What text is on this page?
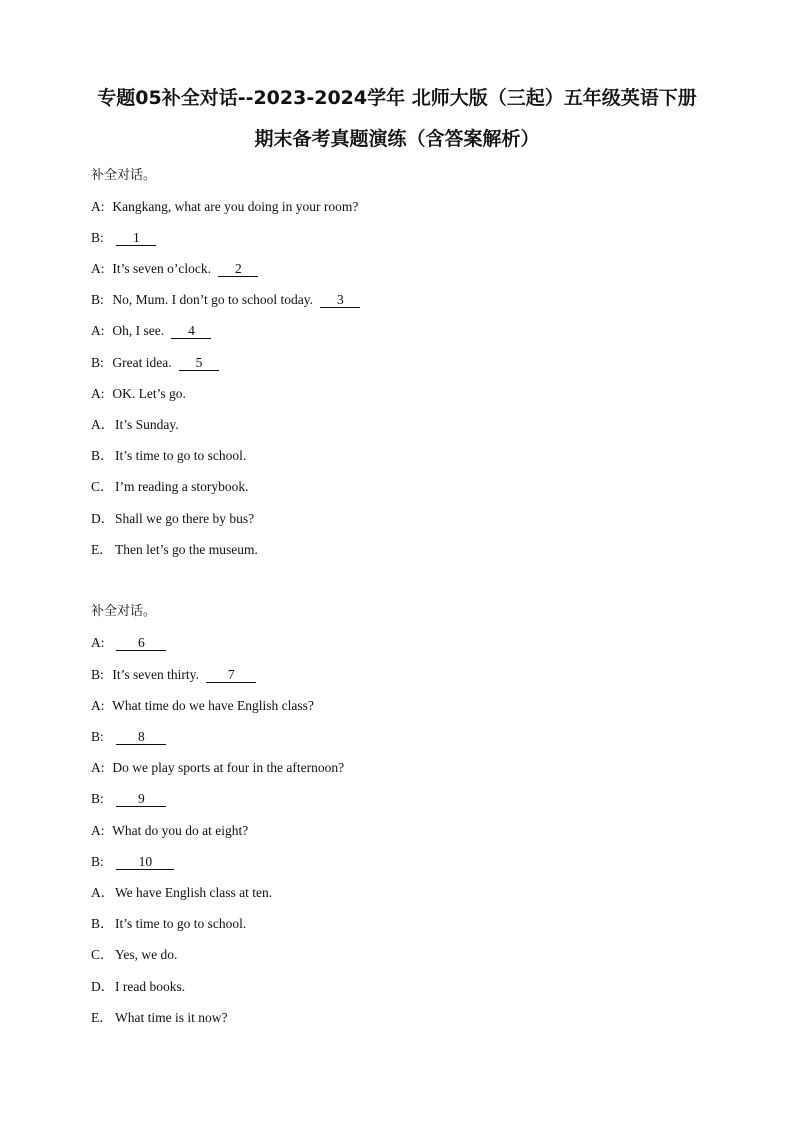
专题05补全对话--2023-2024学年 北师大版（三起）五年级英语下册
期末备考真题演练（含答案解析）
补全对话。
A: Kangkang, what are you doing in your room?
B: 1
A: It’s seven o’clock. 2
B: No, Mum. I don’t go to school today. 3
A: Oh, I see. 4
B: Great idea. 5
A: OK. Let’s go.
A．It’s Sunday.
B．It’s time to go to school.
C．I’m reading a storybook.
D．Shall we go there by bus?
E． Then let’s go the museum.
补全对话。
A: 6
B: It’s seven thirty. 7
A: What time do we have English class?
B:	8
A: Do we play sports at four in the afternoon?
B:	9
A: What do you do at eight?
B:	10
A．We have English class at ten.
B．It’s time to go to school.
C．Yes, we do.
D．I read books.
E． What time is it now?
